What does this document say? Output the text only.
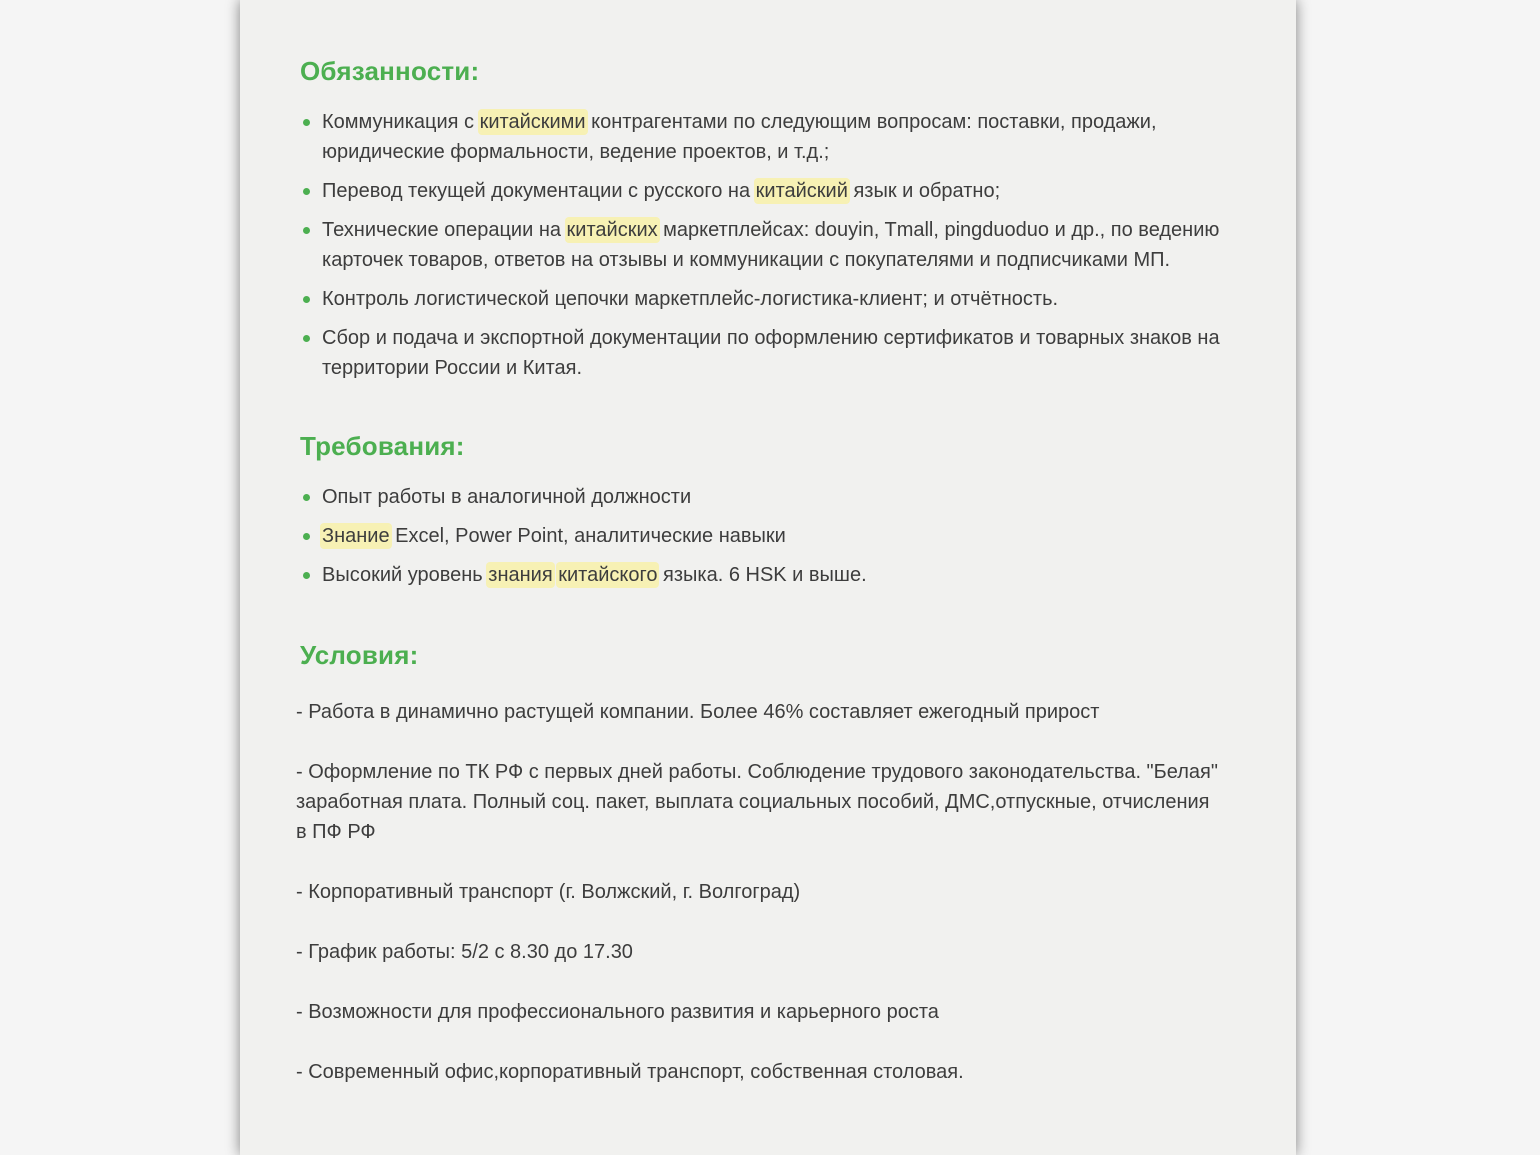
Обязанности:
Коммуникация с китайскими контрагентами по следующим вопросам: поставки, продажи, юридические формальности, ведение проектов, и т.д.;
Перевод текущей документации с русского на китайский язык и обратно;
Технические операции на китайских маркетплейсах: douyin, Tmall, pingduoduo и др., по ведению карточек товаров, ответов на отзывы и коммуникации с покупателями и подписчиками МП.
Контроль логистической цепочки маркетплейс-логистика-клиент; и отчётность.
Сбор и подача и экспортной документации по оформлению сертификатов и товарных знаков на территории России и Китая.
Требования:
Опыт работы в аналогичной должности
Знание Excel, Power Point, аналитические навыки
Высокий уровень знания китайского языка. 6 HSK и выше.
Условия:

- Работа в динамично растущей компании. Более 46% составляет ежегодный прирост

- Оформление по ТК РФ с первых дней работы. Соблюдение трудового законодательства. "Белая" заработная плата. Полный соц. пакет, выплата социальных пособий, ДМС,отпускные, отчисления в ПФ РФ

- Корпоративный транспорт (г. Волжский, г. Волгоград)

- График работы: 5/2 с 8.30 до 17.30

- Возможности для профессионального развития и карьерного роста

- Современный офис,корпоративный транспорт, собственная столовая.
